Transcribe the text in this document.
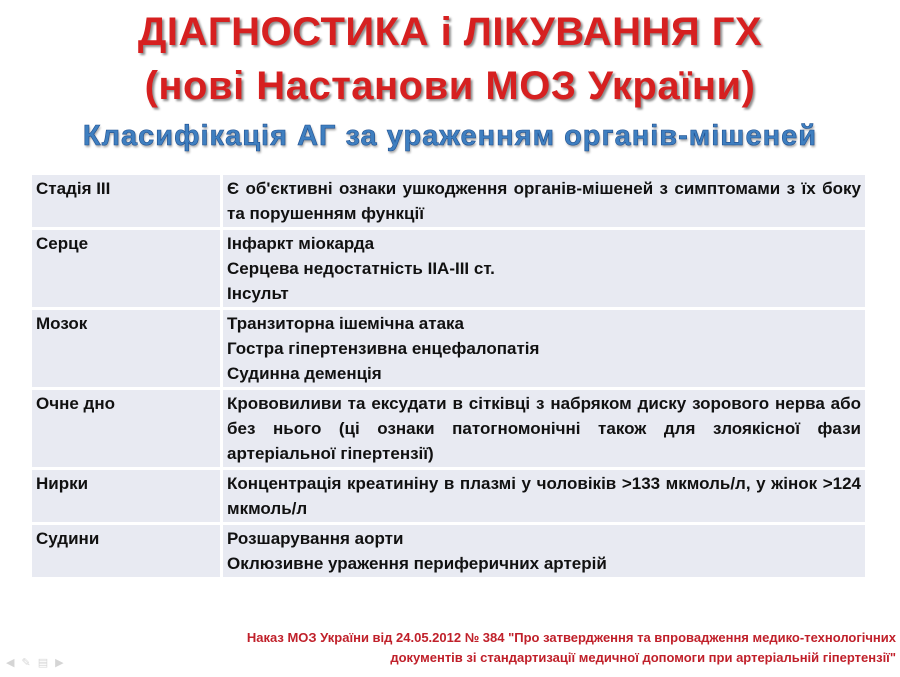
ДІАГНОСТИКА і ЛІКУВАННЯ ГХ
(нові Настанови МОЗ України)
Класифікація АГ за ураженням органів-мішеней
Стадія ІІІ	Є об'єктивні ознаки ушкодження органів-мішеней з симптомами з їх боку та порушенням функції

Серце	Інфаркт міокарда
Серцева недостатність ІІА-ІІІ ст.
Інсульт

Мозок	Транзиторна ішемічна атака
Гостра гіпертензивна енцефалопатія
Судинна деменція

Очне дно	Крововиливи та ексудати в сітківці з набряком диску зорового нерва або без нього (ці ознаки патогномонічні також для злоякісної фази артеріальної гіпертензії)

Нирки	Концентрація креатиніну в плазмі у чоловіків >133 мкмоль/л, у жінок >124 мкмоль/л

Судини	Розшарування аорти
Оклюзивне ураження периферичних артерій
Наказ МОЗ України від 24.05.2012 № 384 "Про затвердження та впровадження медико-технологічних
документів зі стандартизації медичної допомоги при артеріальній гіпертензії"
◀ ✎ ▤ ▶
